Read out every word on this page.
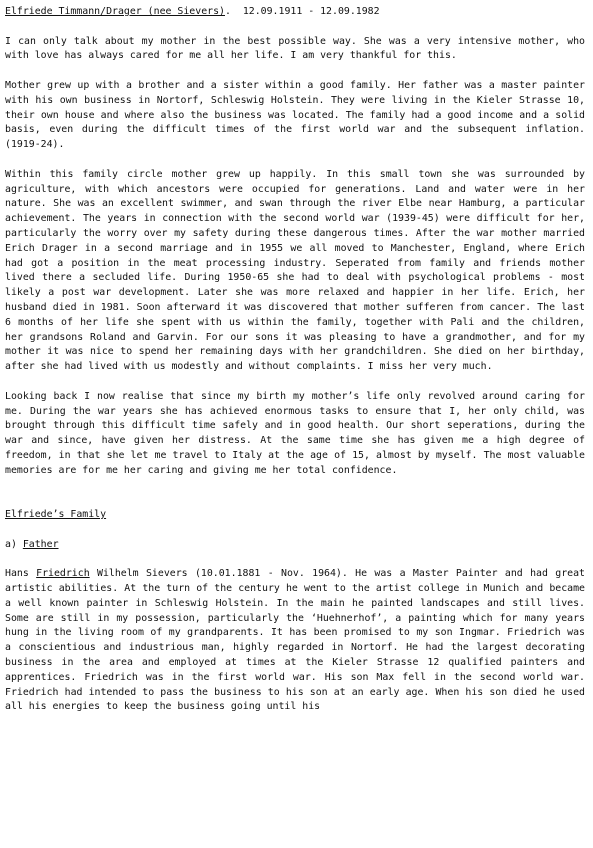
Elfriede Timmann/Drager (nee Sievers).  12.09.1911 - 12.09.1982

I can only talk about my mother in the best possible way. She was a very intensive mother, who with love has always cared for me all her life. I am very thankful for this.

Mother grew up with a brother and a sister within a good family. Her father was a master painter with his own business in Nortorf, Schleswig Holstein. They were living in the Kieler Strasse 10, their own house and where also the business was located. The family had a good income and a solid basis, even during the difficult times of the first world war and the subsequent inflation. (1919-24).

Within this family circle mother grew up happily. In this small town she was surrounded by agriculture, with which ancestors were occupied for generations. Land and water were in her nature. She was an excellent swimmer, and swan through the river Elbe near Hamburg, a particular achievement. The years in connection with the second world war (1939-45) were difficult for her, particularly the worry over my safety during these dangerous times. After the war mother married Erich Drager in a second marriage and in 1955 we all moved to Manchester, England, where Erich had got a position in the meat processing industry. Seperated from family and friends mother lived there a secluded life. During 1950-65 she had to deal with psychological problems - most likely a post war development. Later she was more relaxed and happier in her life. Erich, her husband died in 1981. Soon afterward it was discovered that mother sufferen from cancer. The last 6 months of her life she spent with us within the family, together with Pali and the children, her grandsons Roland and Garvin. For our sons it was pleasing to have a grandmother, and for my mother it was nice to spend her remaining days with her grandchildren. She died on her birthday, after she had lived with us modestly and without complaints. I miss her very much.

Looking back I now realise that since my birth my mother’s life only revolved around caring for me. During the war years she has achieved enormous tasks to ensure that I, her only child, was brought through this difficult time safely and in good health. Our short seperations, during the war and since, have given her distress. At the same time she has given me a high degree of freedom, in that she let me travel to Italy at the age of 15, almost by myself. The most valuable memories are for me her caring and giving me her total confidence.

Elfriede’s Family
a) Father

Hans Friedrich Wilhelm Sievers (10.01.1881 - Nov. 1964). He was a Master Painter and had great artistic abilities. At the turn of the century he went to the artist college in Munich and became a well known painter in Schleswig Holstein. In the main he painted landscapes and still lives. Some are still in my possession, particularly the ‘Huehnerhof’, a painting which for many years hung in the living room of my grandparents. It has been promised to my son Ingmar. Friedrich was a conscientious and industrious man, highly regarded in Nortorf. He had the largest decorating business in the area and employed at times at the Kieler Strasse 12 qualified painters and apprentices. Friedrich was in the first world war. His son Max fell in the second world war. Friedrich had intended to pass the business to his son at an early age. When his son died he used all his energies to keep the business going until his
